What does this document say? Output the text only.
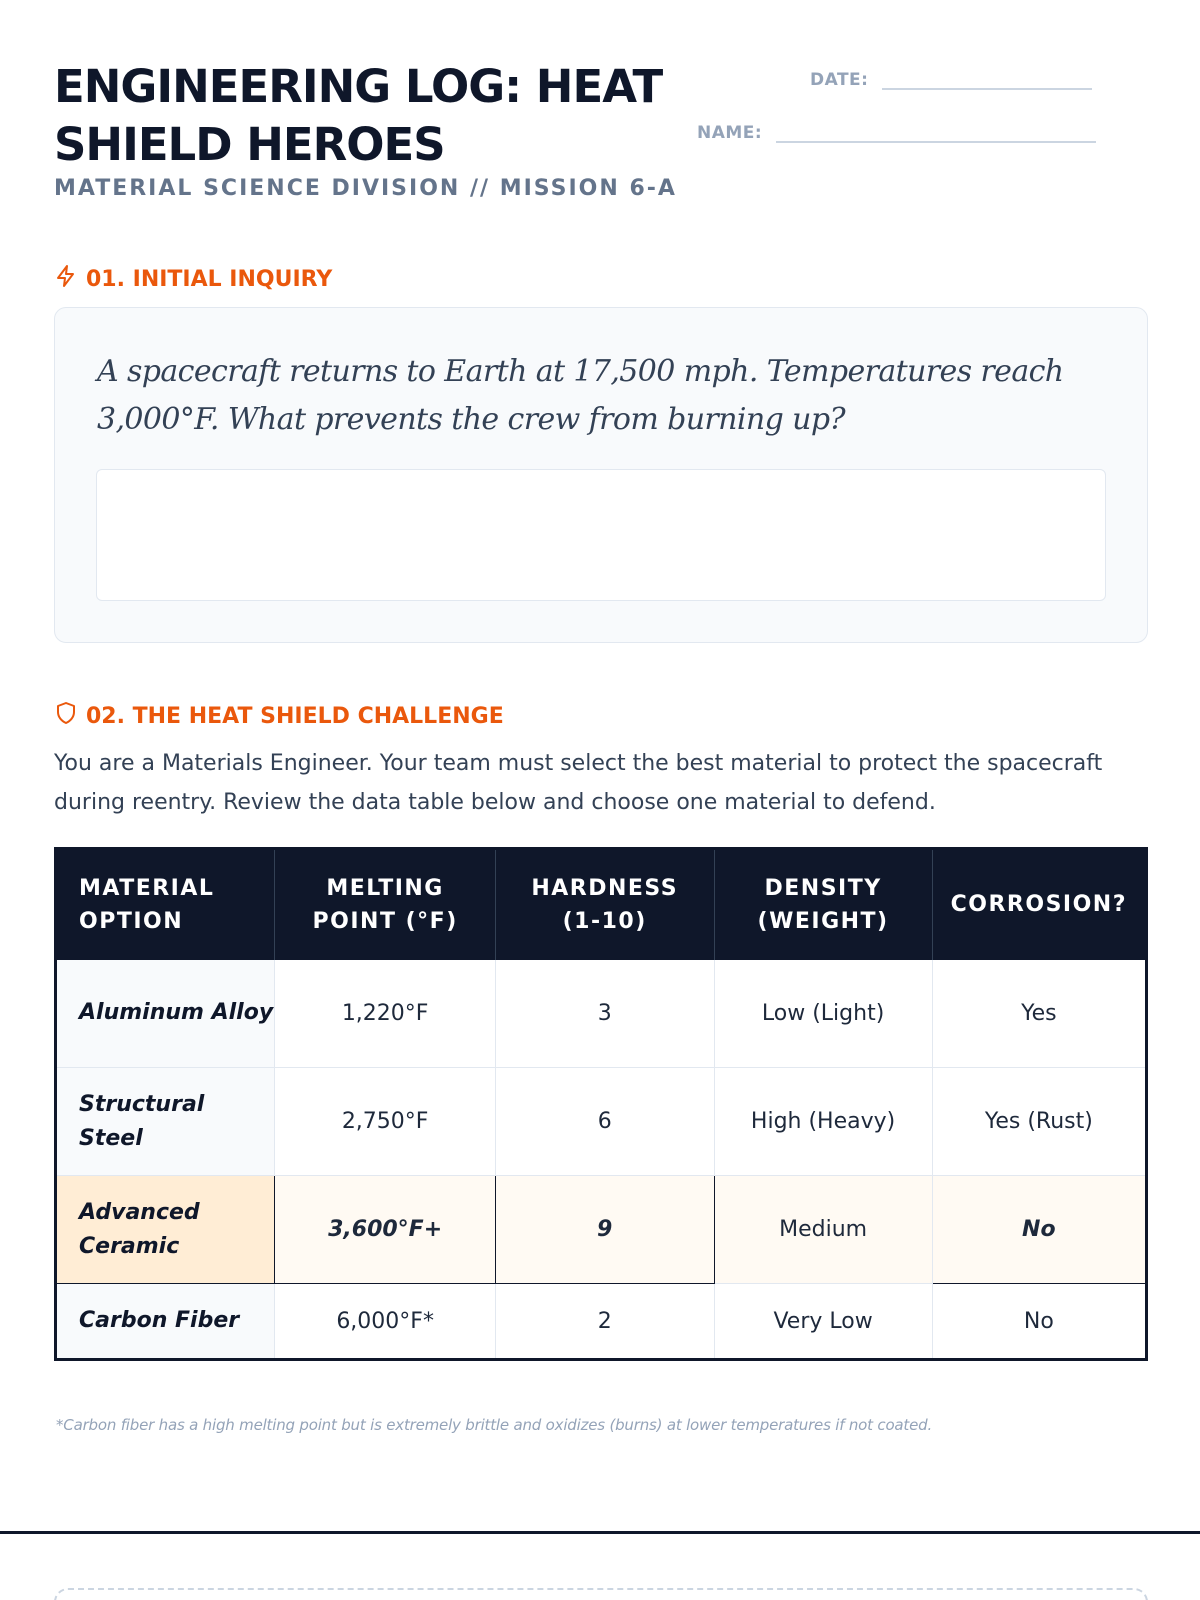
ENGINEERING LOG: HEAT
SHIELD HEROES
MATERIAL SCIENCE DIVISION // MISSION 6-A
DATE:
NAME:
01. INITIAL INQUIRY

A spacecraft returns to Earth at 17,500 mph. Temperatures reach 3,000°F. What prevents the crew from burning up?

02. THE HEAT SHIELD CHALLENGE

You are a Materials Engineer. Your team must select the best material to protect the spacecraft during reentry. Review the data table below and choose one material to defend.

MATERIAL OPTION	MELTING POINT (°F)	HARDNESS (1-10)	DENSITY (WEIGHT)	CORROSION?
Aluminum Alloy	1,220°F	3	Low (Light)	Yes
Structural Steel	2,750°F	6	High (Heavy)	Yes (Rust)
Advanced Ceramic	3,600°F+	9	Medium	No
Carbon Fiber	6,000°F*	2	Very Low	No

*Carbon fiber has a high melting point but is extremely brittle and oxidizes (burns) at lower temperatures if not coated.
